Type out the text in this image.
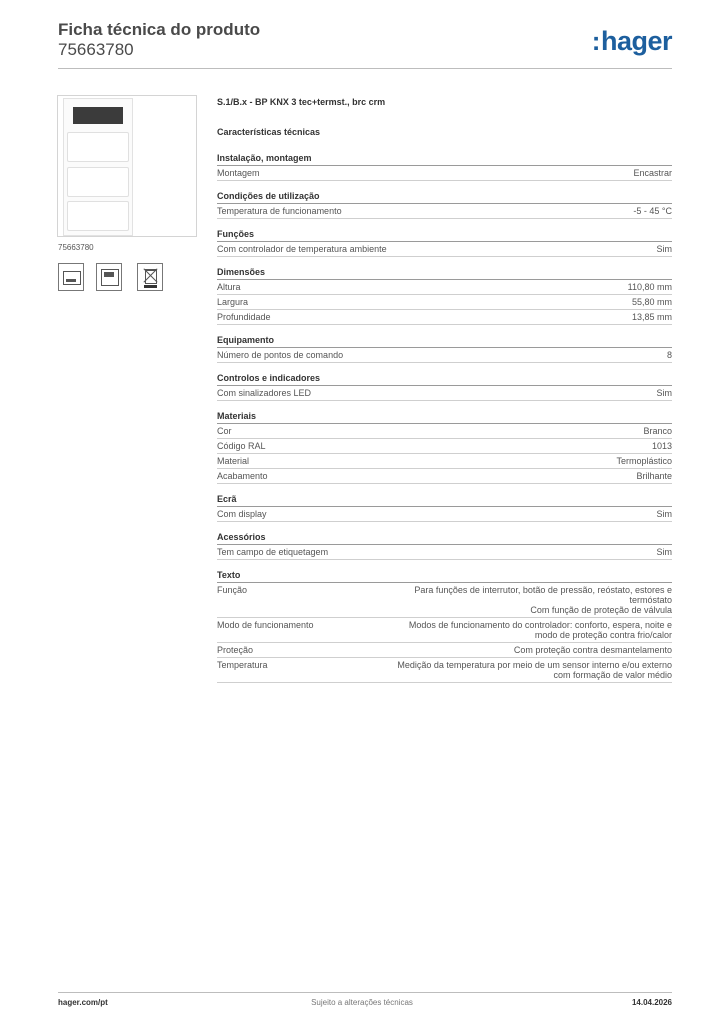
Ficha técnica do produto
75663780	:hager
75663780
S.1/B.x - BP KNX 3 tec+termst., brc crm
Características técnicas
Instalação, montagem
Montagem	Encastrar
Condições de utilização
Temperatura de funcionamento	-5 - 45 °C
Funções
Com controlador de temperatura ambiente	Sim
Dimensões
Altura	110,80 mm
Largura	55,80 mm
Profundidade	13,85 mm
Equipamento
Número de pontos de comando	8
Controlos e indicadores
Com sinalizadores LED	Sim
Materiais
Cor	Branco
Código RAL	1013
Material	Termoplástico
Acabamento	Brilhante
Ecrã
Com display	Sim
Acessórios
Tem campo de etiquetagem	Sim
Texto
Função	Para funções de interrutor, botão de pressão, reóstato, estores e termóstato
Com função de proteção de válvula
Modo de funcionamento	Modos de funcionamento do controlador: conforto, espera, noite e modo de proteção contra frio/calor
Proteção	Com proteção contra desmantelamento
Temperatura	Medição da temperatura por meio de um sensor interno e/ou externo com formação de valor médio
hager.com/pt	Sujeito a alterações técnicas	14.04.2026
